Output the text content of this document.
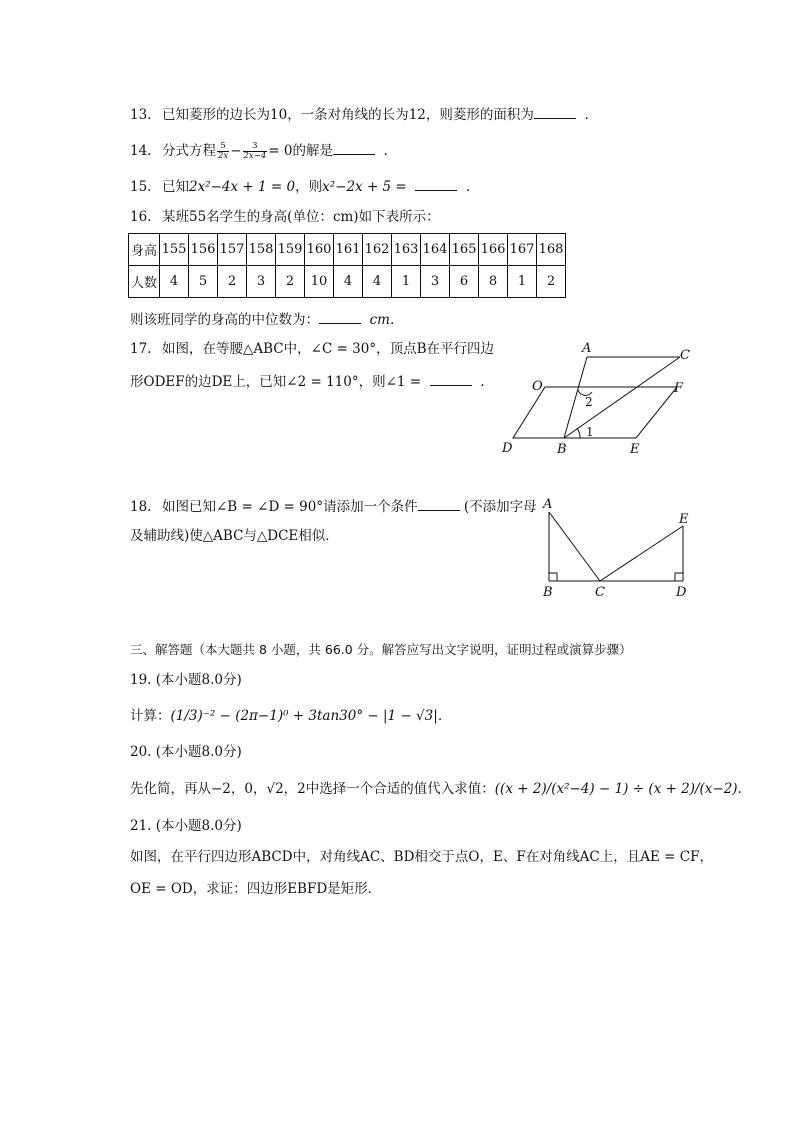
13. 已知菱形的边长为10，一条对角线的长为12，则菱形的面积为	.
14. 分式方程 $\frac{5}{2x} - \frac{3}{2x-4} = 0$的解是	.
15. 已知2x²−4x + 1 = 0，则x²−2x + 5 =	.
16. 某班55名学生的身高(单位：cm)如下表所示：
身高	155	156	157	158	159	160	161	162	163	164	165	166	167	168
人数	4	5	2	3	2	10	4	4	1	3	6	8	1	2
则该班同学的身高的中位数为：	cm.
17. 如图，在等腰△ABC中，∠C = 30°，顶点B在平行四边
形ODEF的边DE上，已知∠2 = 110°，则∠1 =	.
A	C
O	F
D	B	E
2
1
18. 如图已知∠B = ∠D = 90°请添加一个条件	(不添加字母
及辅助线)使△ABC与△DCE相似．
A
E
B	C	D
三、解答题（本大题共 8 小题，共 66.0 分。解答应写出文字说明，证明过程或演算步骤）
19. (本小题8.0分)
计算：(1/3)⁻² − (2π−1)⁰ + 3tan30° − |1 − √3|．
20. (本小题8.0分)
先化简，再从−2，0，√2，2中选择一个合适的值代入求值：((x + 2)/(x²−4) − 1) ÷ (x + 2)/(x−2).
21. (本小题8.0分)
如图，在平行四边形ABCD中，对角线AC、BD相交于点O，E、F在对角线AC上，且AE = CF，
OE = OD，求证：四边形EBFD是矩形．
